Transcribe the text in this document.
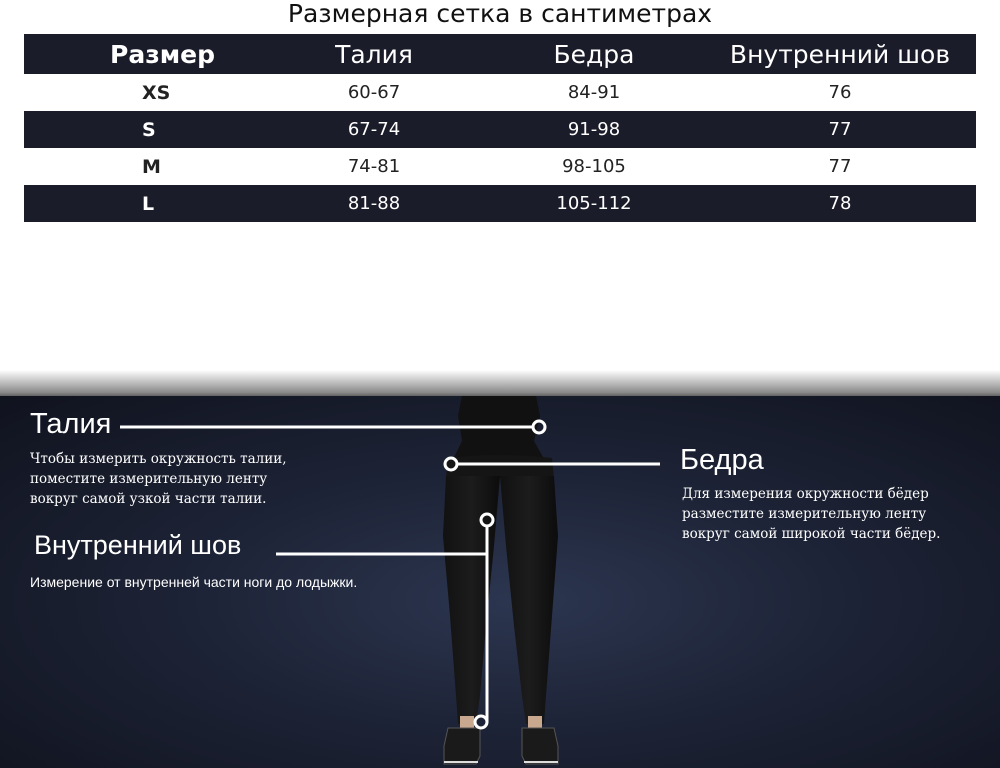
Размерная сетка в сантиметрах
Размер	Талия	Бедра	Внутренний шов
XS	60-67	84-91	76
S	67-74	91-98	77
M	74-81	98-105	77
L	81-88	105-112	78
Талия
Чтобы измерить окружность талии,
поместите измерительную ленту
вокруг самой узкой части талии.
Бедра
Для измерения окружности бёдер
разместите измерительную ленту
вокруг самой широкой части бёдер.
Внутренний шов
Измерение от внутренней части ноги до лодыжки.
